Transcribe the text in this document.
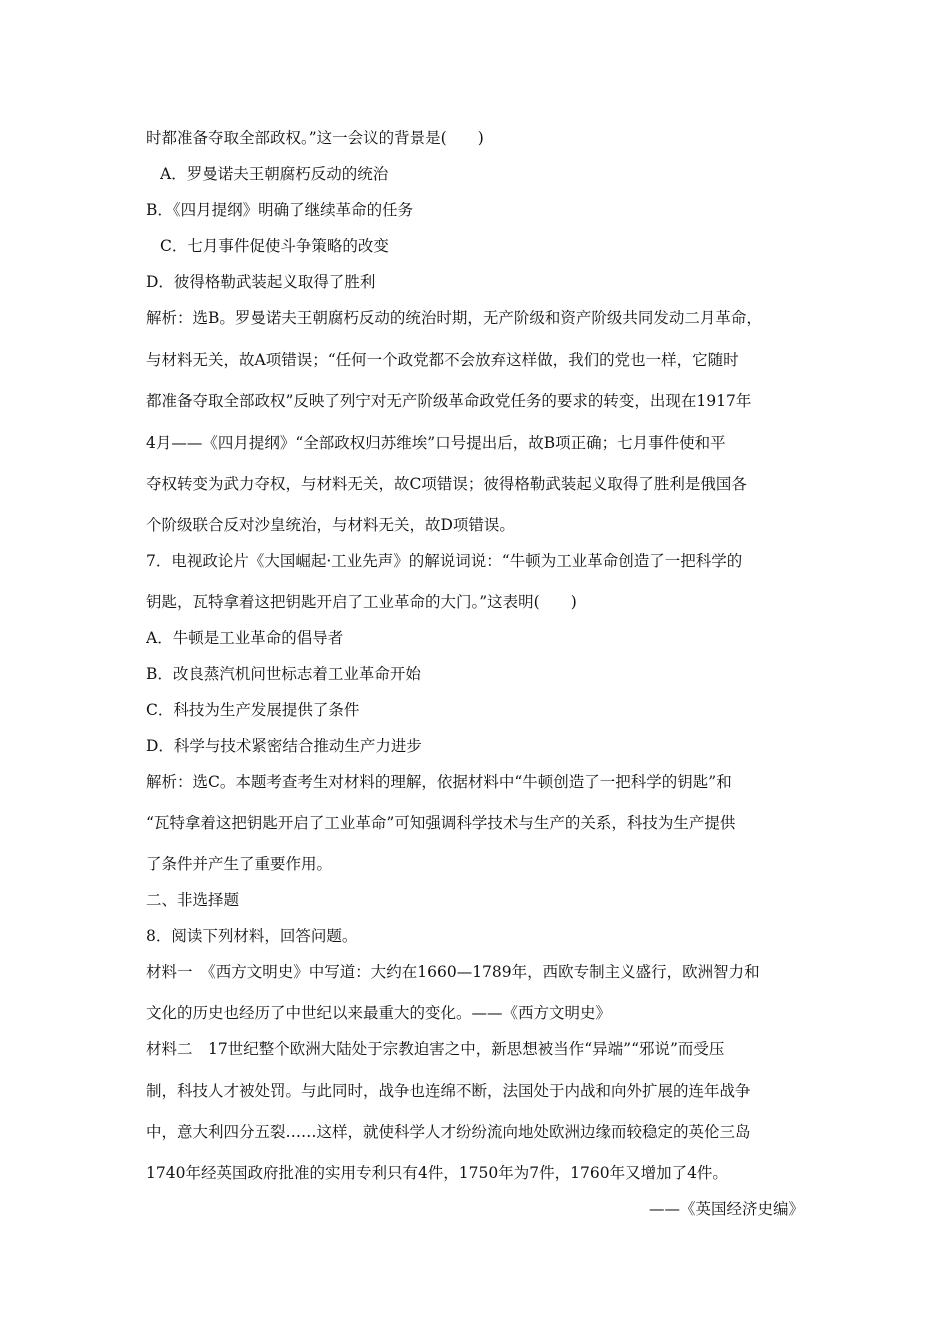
时都准备夺取全部政权。”这一会议的背景是(　　)
A．罗曼诺夫王朝腐朽反动的统治
B．《四月提纲》明确了继续革命的任务
C．七月事件促使斗争策略的改变
D．彼得格勒武装起义取得了胜利
解析：选B。罗曼诺夫王朝腐朽反动的统治时期，无产阶级和资产阶级共同发动二月革命，
与材料无关，故A项错误；“任何一个政党都不会放弃这样做，我们的党也一样，它随时
都准备夺取全部政权”反映了列宁对无产阶级革命政党任务的要求的转变，出现在1917年
4月——《四月提纲》“全部政权归苏维埃”口号提出后，故B项正确；七月事件使和平
夺权转变为武力夺权，与材料无关，故C项错误；彼得格勒武装起义取得了胜利是俄国各
个阶级联合反对沙皇统治，与材料无关，故D项错误。
7．电视政论片《大国崛起·工业先声》的解说词说：“牛顿为工业革命创造了一把科学的
钥匙，瓦特拿着这把钥匙开启了工业革命的大门。”这表明(　　)
A．牛顿是工业革命的倡导者
B．改良蒸汽机问世标志着工业革命开始
C．科技为生产发展提供了条件
D．科学与技术紧密结合推动生产力进步
解析：选C。本题考查考生对材料的理解，依据材料中“牛顿创造了一把科学的钥匙”和
“瓦特拿着这把钥匙开启了工业革命”可知强调科学技术与生产的关系，科技为生产提供
了条件并产生了重要作用。
二、非选择题
8．阅读下列材料，回答问题。
材料一　《西方文明史》中写道：大约在1660—1789年，西欧专制主义盛行，欧洲智力和
文化的历史也经历了中世纪以来最重大的变化。——《西方文明史》
材料二　17世纪整个欧洲大陆处于宗教迫害之中，新思想被当作“异端”“邪说”而受压
制，科技人才被处罚。与此同时，战争也连绵不断，法国处于内战和向外扩展的连年战争
中，意大利四分五裂……这样，就使科学人才纷纷流向地处欧洲边缘而较稳定的英伦三岛
1740年经英国政府批准的实用专利只有4件，1750年为7件，1760年又增加了4件。
——《英国经济史编》
